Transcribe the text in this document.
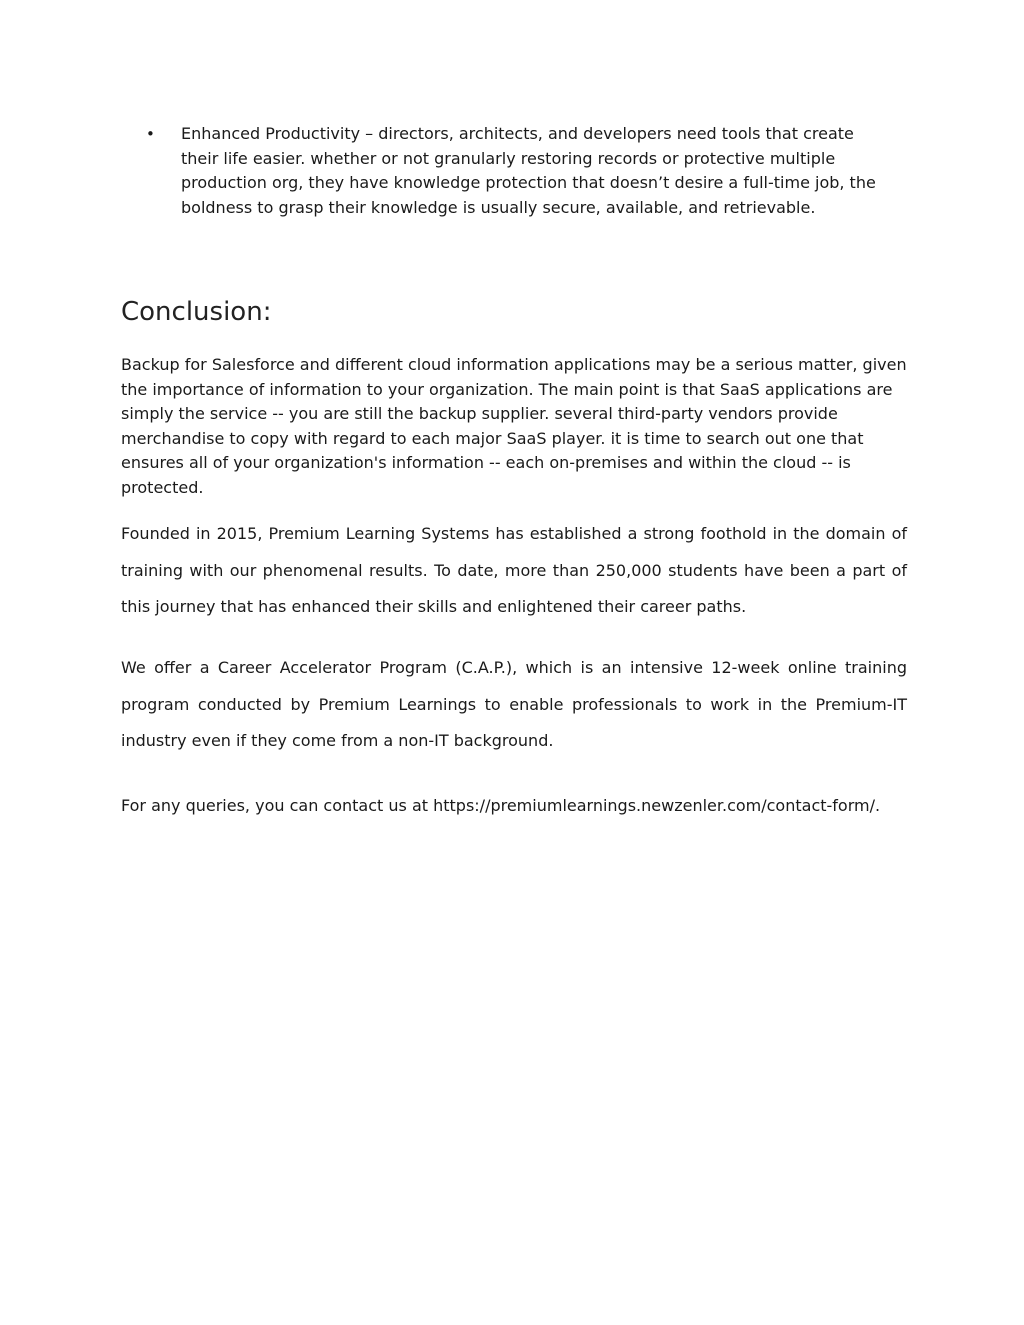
•	Enhanced Productivity – directors, architects, and developers need tools that create their life easier. whether or not granularly restoring records or protective multiple production org, they have knowledge protection that doesn’t desire a full-time job, the boldness to grasp their knowledge is usually secure, available, and retrievable.
Conclusion:

Backup for Salesforce and different cloud information applications may be a serious matter, given the importance of information to your organization. The main point is that SaaS applications are simply the service -- you are still the backup supplier. several third-party vendors provide merchandise to copy with regard to each major SaaS player. it is time to search out one that ensures all of your organization's information -- each on-premises and within the cloud -- is protected.

Founded in 2015, Premium Learning Systems has established a strong foothold in the domain of training with our phenomenal results. To date, more than 250,000 students have been a part of this journey that has enhanced their skills and enlightened their career paths.

We offer a Career Accelerator Program (C.A.P.), which is an intensive 12-week online training program conducted by Premium Learnings to enable professionals to work in the Premium-IT industry even if they come from a non-IT background.

For any queries, you can contact us at https://premiumlearnings.newzenler.com/contact-form/.
